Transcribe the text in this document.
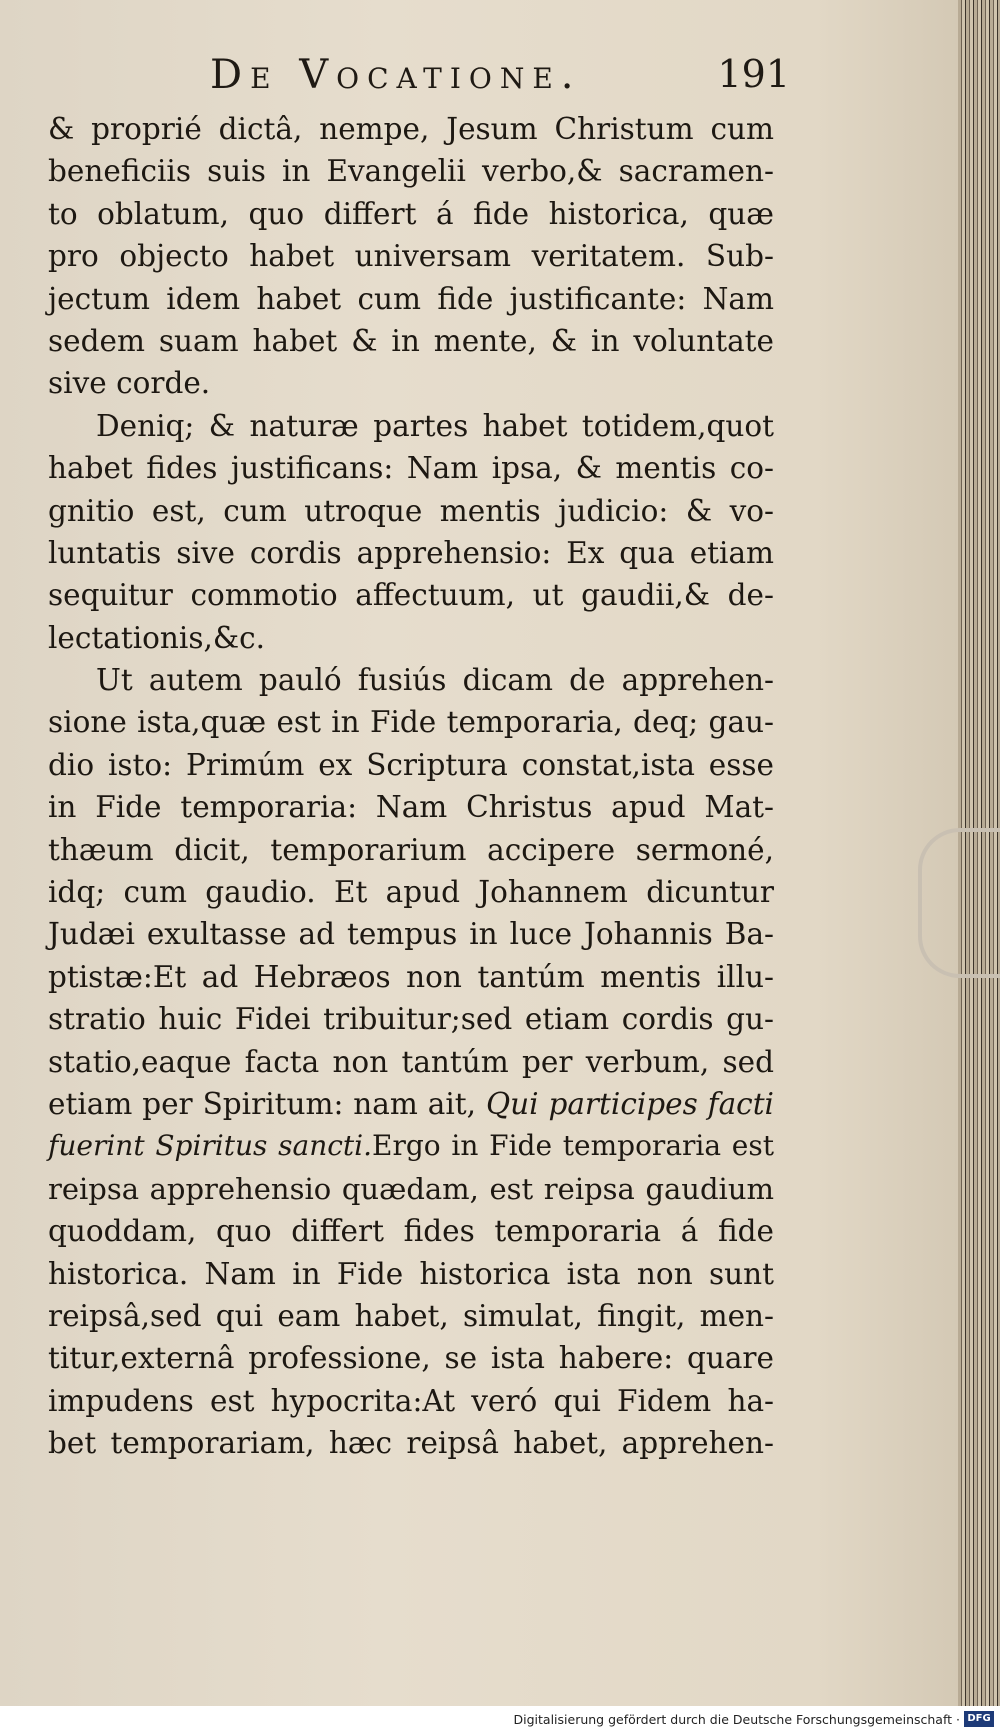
De Vocatione.	191
& proprié dictâ, nempe, Jesum Christum cum
beneficiis suis in Evangelii verbo,& sacramen-
to oblatum, quo differt á fide historica, quæ
pro objecto habet universam veritatem. Sub-
jectum idem habet cum fide justificante: Nam
sedem suam habet & in mente, & in voluntate
sive corde.
Deniq; & naturæ partes habet totidem,quot
habet fides justificans: Nam ipsa, & mentis co-
gnitio est, cum utroque mentis judicio: & vo-
luntatis sive cordis apprehensio: Ex qua etiam
sequitur commotio affectuum, ut gaudii,& de-
lectationis,&c.
Ut autem pauló fusiús dicam de apprehen-
sione ista,quæ est in Fide temporaria, deq; gau-
dio isto: Primúm ex Scriptura constat,ista esse
in Fide temporaria: Nam Christus apud Mat-
thæum dicit, temporarium accipere sermoné,
idq; cum gaudio. Et apud Johannem dicuntur
Judæi exultasse ad tempus in luce Johannis Ba-
ptistæ:Et ad Hebræos non tantúm mentis illu-
stratio huic Fidei tribuitur;sed etiam cordis gu-
statio,eaque facta non tantúm per verbum, sed
etiam per Spiritum: nam ait, Qui participes facti
fuerint Spiritus sancti.Ergo in Fide temporaria est
reipsa apprehensio quædam, est reipsa gaudium
quoddam, quo differt fides temporaria á fide
historica. Nam in Fide historica ista non sunt
reipsâ,sed qui eam habet, simulat, fingit, men-
titur,externâ professione, se ista habere: quare
impudens est hypocrita:At veró qui Fidem ha-
bet temporariam, hæc reipsâ habet, apprehen-
Digitalisierung gefördert durch die Deutsche Forschungsgemeinschaft · DFG
